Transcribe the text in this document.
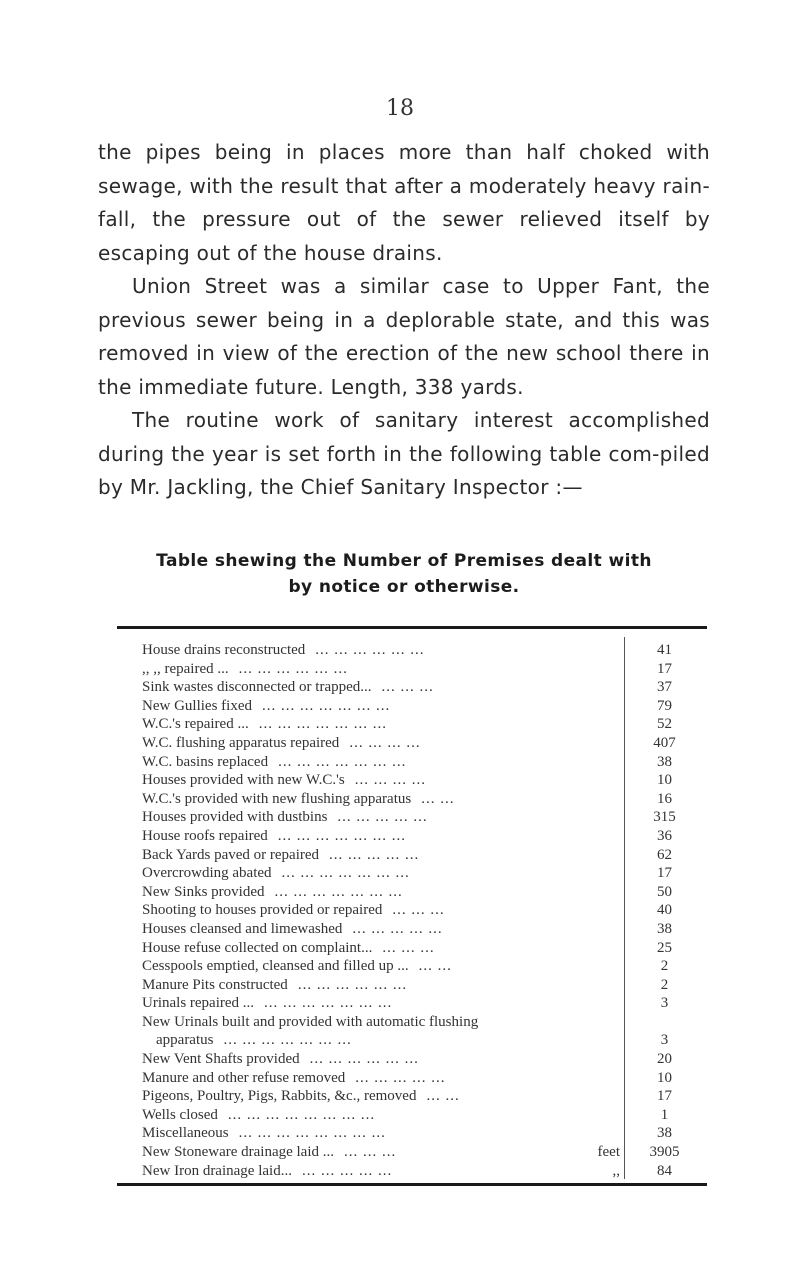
18

the pipes being in places more than half choked with sewage, with the result that after a moderately heavy rain-fall, the pressure out of the sewer relieved itself by escaping out of the house drains.

Union Street was a similar case to Upper Fant, the previous sewer being in a deplorable state, and this was removed in view of the erection of the new school there in the immediate future. Length, 338 yards.

The routine work of sanitary interest accomplished during the year is set forth in the following table com-piled by Mr. Jackling, the Chief Sanitary Inspector :—

Table shewing the Number of Premises dealt with
by notice or otherwise.
House drains reconstructed ... ... ... ... ... ...	41
,, ,, repaired ... ... ... ... ... ... ...	17
Sink wastes disconnected or trapped... ... ... ...	37
New Gullies fixed ... ... ... ... ... ... ...	79
W.C.'s repaired ... ... ... ... ... ... ... ...	52
W.C. flushing apparatus repaired ... ... ... ...	407
W.C. basins replaced ... ... ... ... ... ... ...	38
Houses provided with new W.C.'s ... ... ... ...	10
W.C.'s provided with new flushing apparatus ... ...	16
Houses provided with dustbins ... ... ... ... ...	315
House roofs repaired ... ... ... ... ... ... ...	36
Back Yards paved or repaired ... ... ... ... ...	62
Overcrowding abated ... ... ... ... ... ... ...	17
New Sinks provided ... ... ... ... ... ... ...	50
Shooting to houses provided or repaired ... ... ...	40
Houses cleansed and limewashed ... ... ... ... ...	38
House refuse collected on complaint... ... ... ...	25
Cesspools emptied, cleansed and filled up ... ... ...	2
Manure Pits constructed ... ... ... ... ... ...	2
Urinals repaired ... ... ... ... ... ... ... ...	3
New Urinals built and provided with automatic flushing
apparatus ... ... ... ... ... ... ...	3
New Vent Shafts provided ... ... ... ... ... ...	20
Manure and other refuse removed ... ... ... ... ...	10
Pigeons, Poultry, Pigs, Rabbits, &c., removed ... ...	17
Wells closed ... ... ... ... ... ... ... ...	1
Miscellaneous ... ... ... ... ... ... ... ...	38
New Stoneware drainage laid ... ... ... ...	feet	3905
New Iron drainage laid... ... ... ... ... ...	,,	84
